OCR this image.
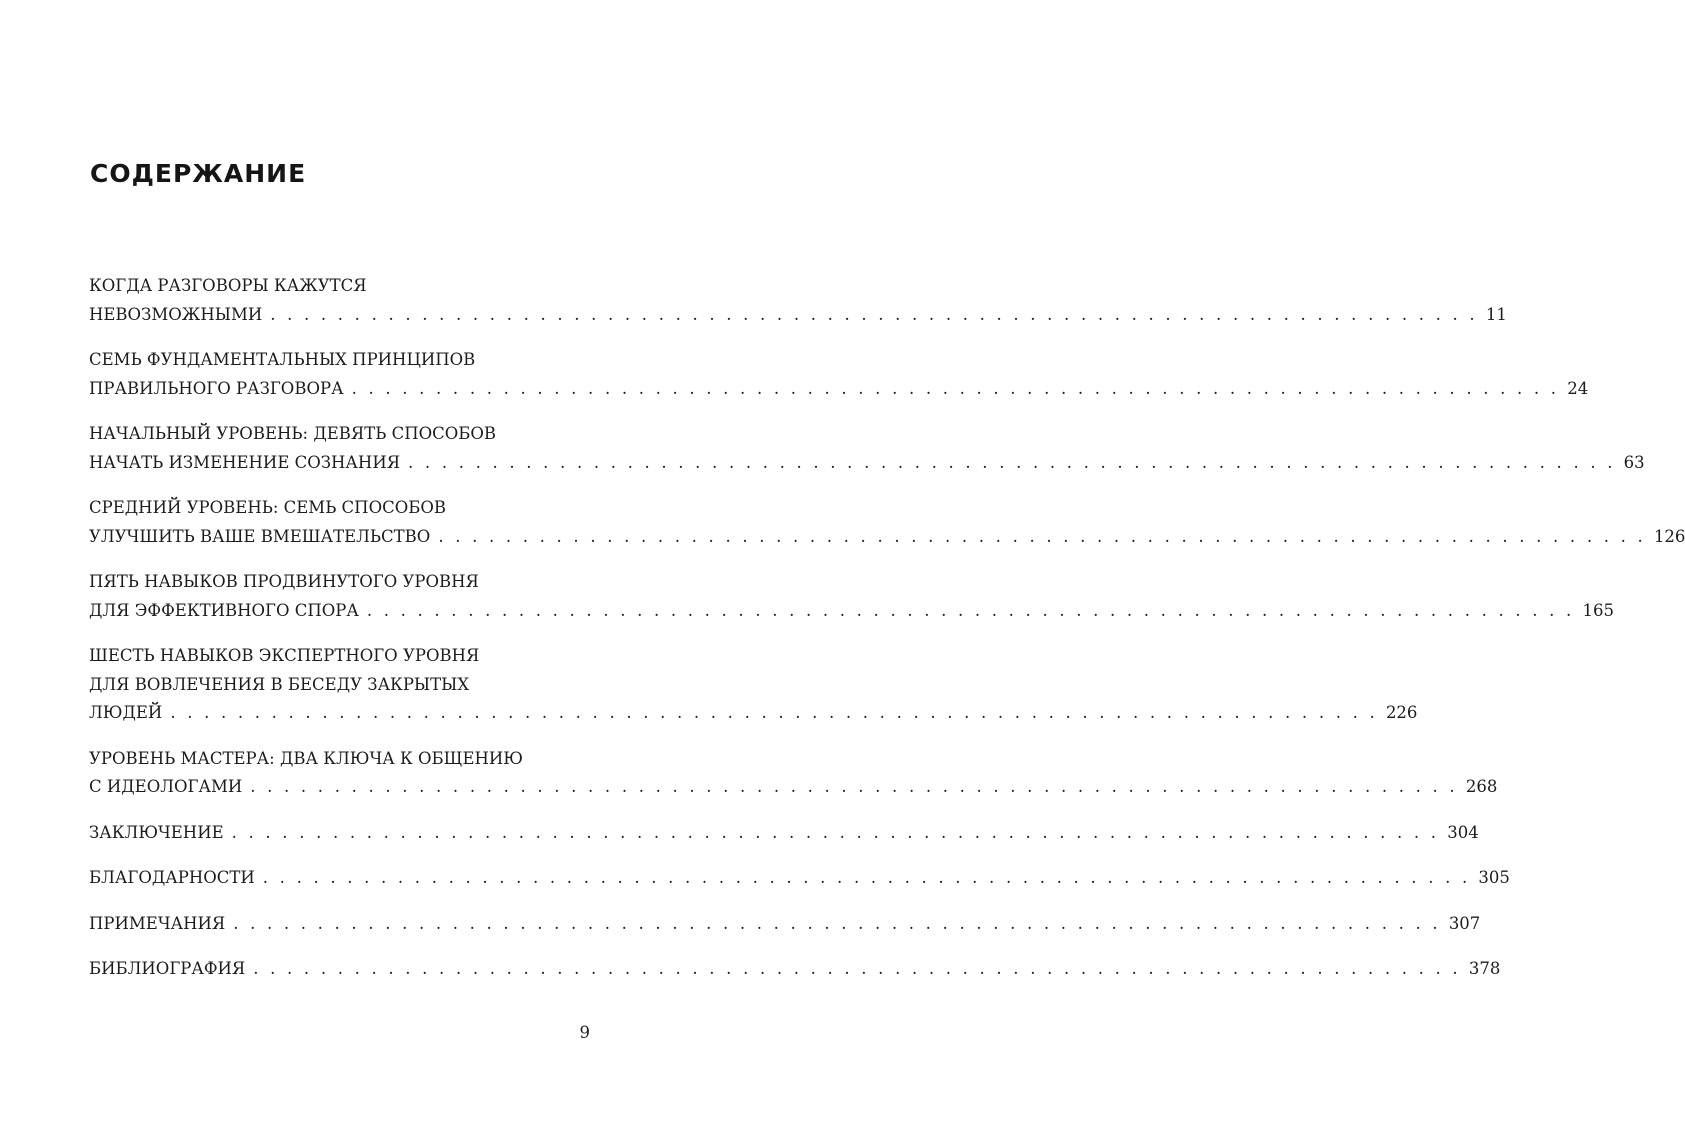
СОДЕРЖАНИЕ
КОГДА РАЗГОВОРЫ КАЖУТСЯ
НЕВОЗМОЖНЫМИ . . . . . . . . . . . . . . . . . . . . . . . . . . . . . . . . . . . . . . . . . . . . . . . . . . . . . . . . . . . . . . . . . . . . . . . . 11
СЕМЬ ФУНДАМЕНТАЛЬНЫХ ПРИНЦИПОВ
ПРАВИЛЬНОГО РАЗГОВОРА . . . . . . . . . . . . . . . . . . . . . . . . . . . . . . . . . . . . . . . . . . . . . . . . . . . . . . . . . . . . . . . . . . . . . . . . 24
НАЧАЛЬНЫЙ УРОВЕНЬ: ДЕВЯТЬ СПОСОБОВ
НАЧАТЬ ИЗМЕНЕНИЕ СОЗНАНИЯ . . . . . . . . . . . . . . . . . . . . . . . . . . . . . . . . . . . . . . . . . . . . . . . . . . . . . . . . . . . . . . . . . . . . . . . . 63
СРЕДНИЙ УРОВЕНЬ: СЕМЬ СПОСОБОВ
УЛУЧШИТЬ ВАШЕ ВМЕШАТЕЛЬСТВО . . . . . . . . . . . . . . . . . . . . . . . . . . . . . . . . . . . . . . . . . . . . . . . . . . . . . . . . . . . . . . . . . . . . . . . . 126
ПЯТЬ НАВЫКОВ ПРОДВИНУТОГО УРОВНЯ
ДЛЯ ЭФФЕКТИВНОГО СПОРА . . . . . . . . . . . . . . . . . . . . . . . . . . . . . . . . . . . . . . . . . . . . . . . . . . . . . . . . . . . . . . . . . . . . . . . . 165
ШЕСТЬ НАВЫКОВ ЭКСПЕРТНОГО УРОВНЯ
ДЛЯ ВОВЛЕЧЕНИЯ В БЕСЕДУ ЗАКРЫТЫХ
ЛЮДЕЙ . . . . . . . . . . . . . . . . . . . . . . . . . . . . . . . . . . . . . . . . . . . . . . . . . . . . . . . . . . . . . . . . . . . . . . . . 226
УРОВЕНЬ МАСТЕРА: ДВА КЛЮЧА К ОБЩЕНИЮ
С ИДЕОЛОГАМИ . . . . . . . . . . . . . . . . . . . . . . . . . . . . . . . . . . . . . . . . . . . . . . . . . . . . . . . . . . . . . . . . . . . . . . . . 268
ЗАКЛЮЧЕНИЕ . . . . . . . . . . . . . . . . . . . . . . . . . . . . . . . . . . . . . . . . . . . . . . . . . . . . . . . . . . . . . . . . . . . . . . . . 304
БЛАГОДАРНОСТИ . . . . . . . . . . . . . . . . . . . . . . . . . . . . . . . . . . . . . . . . . . . . . . . . . . . . . . . . . . . . . . . . . . . . . . . . 305
ПРИМЕЧАНИЯ . . . . . . . . . . . . . . . . . . . . . . . . . . . . . . . . . . . . . . . . . . . . . . . . . . . . . . . . . . . . . . . . . . . . . . . . 307
БИБЛИОГРАФИЯ . . . . . . . . . . . . . . . . . . . . . . . . . . . . . . . . . . . . . . . . . . . . . . . . . . . . . . . . . . . . . . . . . . . . . . . . 378
9
